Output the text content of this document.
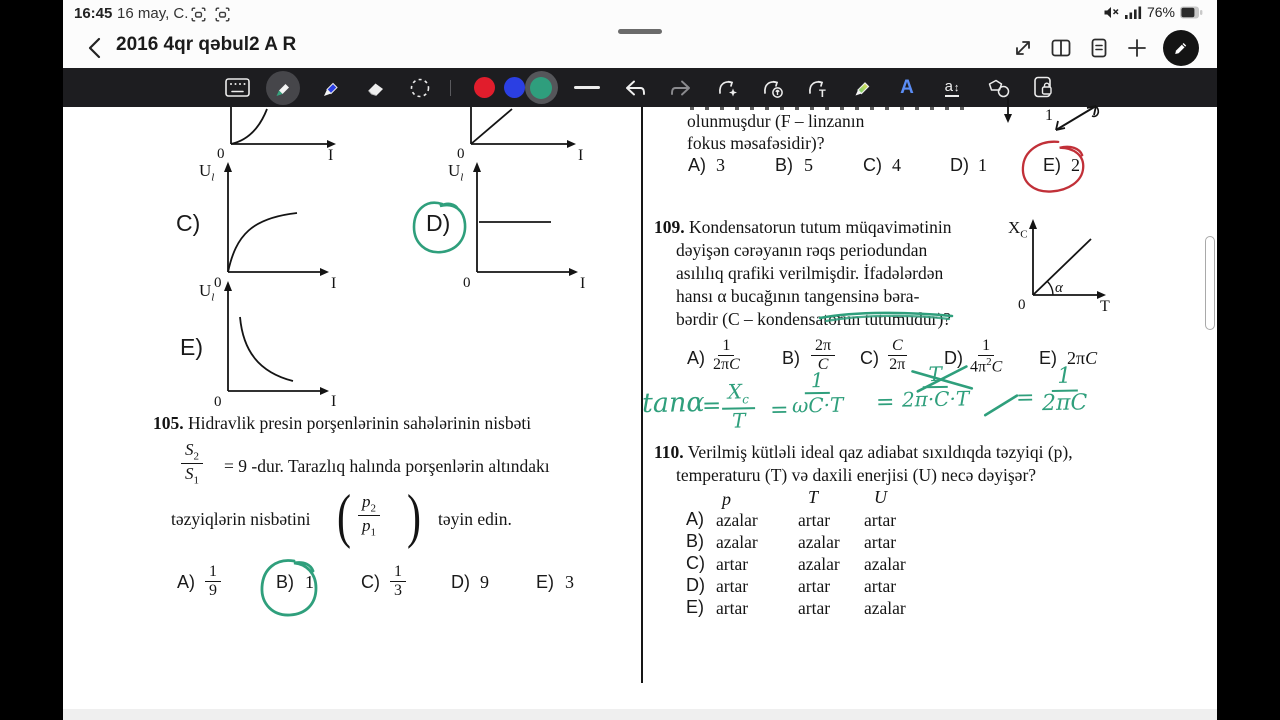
16:45 16 may, C.	76%
2016 4qr qəbul2 A R
T	A a ↕
0	I	0	I
C)
$U_l$
0	I
D)
$U_l$
0	I
E)
$U_l$
0	I
105. Hidravlik presin porşenlərinin sahələrinin nisbəti
$\frac{S_2}{S_1} = 9$ -dur. Tarazlıq halında porşenlərin altındakı
təzyiqlərin nisbətini ( $\frac{p_2}{p_1}$ ) təyin edin.
$A) \frac{1}{9}$	B) 1	$C) \frac{1}{3}$	D) 9	E) 3
olunmuşdur (F – linzanın
fokus məsafəsidir)?
A) 3	B) 5	C) 4	D) 1	E) 2
1
109. Kondensatorun tutum müqavimətinin
dəyişən cərəyanın rəqs periodundan
asılılıq qrafiki verilmişdir. İfadələrdən
hansı α bucağının tangensinə bəra-
bərdir (C – kondensatorun tutumudur)?
$X_C$
0	T
α
$A) \frac{1}{2\pi C} B) \frac{2\pi}{C} C) \frac{C}{2\pi} D) \frac{1}{4\pi^2C} E$) 2πC
tanα
=
$X_c$
T =
1
ωC·T =
T
2π·C·T =
1
2πC
110. Verilmiş kütləli ideal qaz adiabat sıxıldıqda təzyiqi (p),
temperaturu (T) və daxili enerjisi (U) necə dəyişər?
p	T	U
A) azalar artar artar
B) azalar azalar artar
C) artar	azalar azalar
D) artar	artar artar
E) artar	artar azalar
